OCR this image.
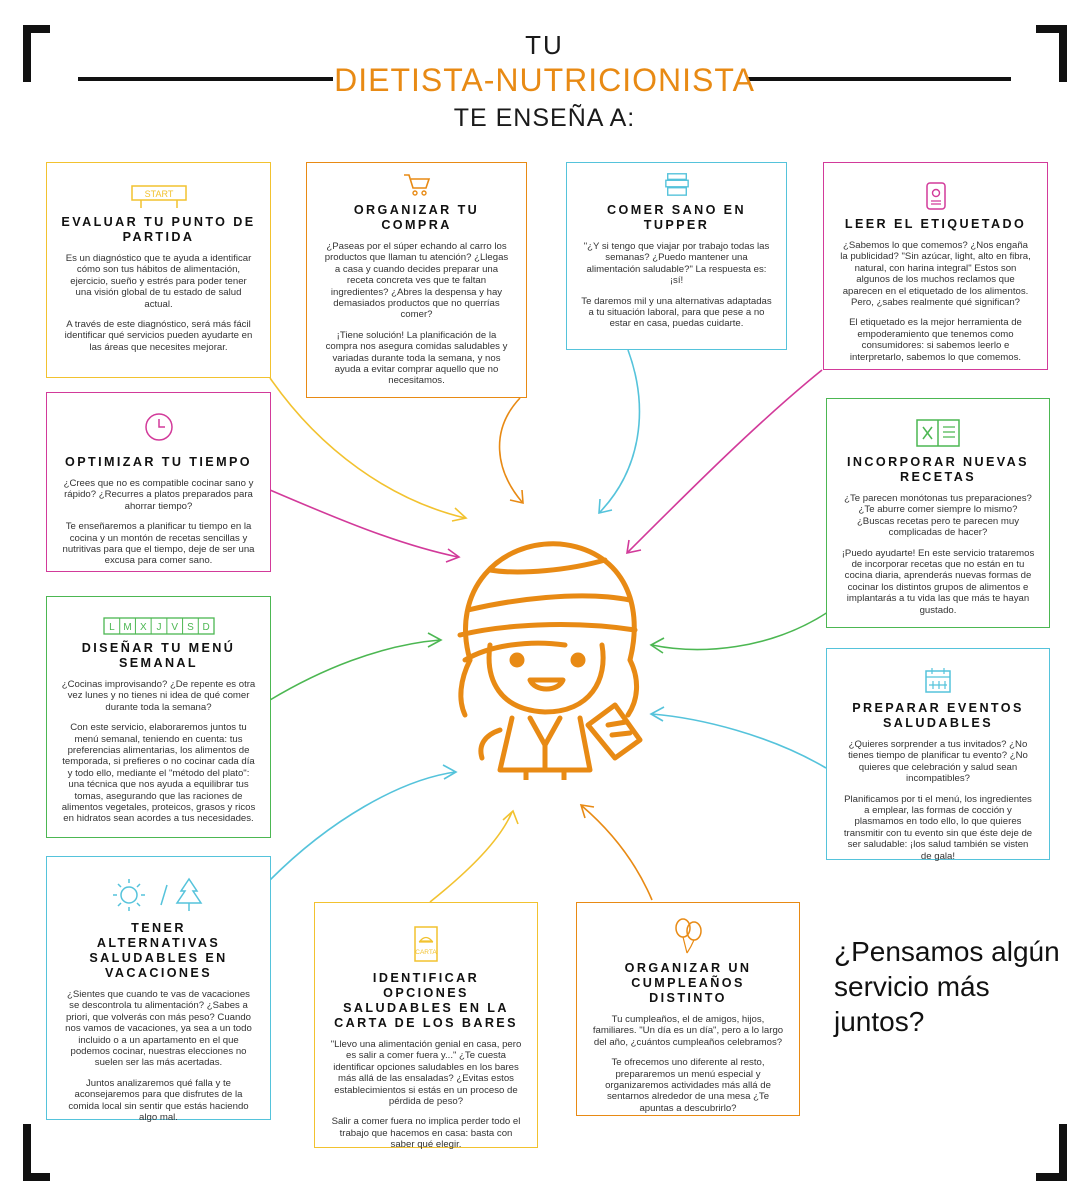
TU
DIETISTA-NUTRICIONISTA
TE ENSEÑA A:
START
EVALUAR TU PUNTO DE PARTIDA

Es un diagnóstico que te ayuda a identificar cómo son tus hábitos de alimentación, ejercicio, sueño y estrés para poder tener una visión global de tu estado de salud actual.

A través de este diagnóstico, será más fácil identificar qué servicios pueden ayudarte en las áreas que necesites mejorar.

ORGANIZAR TU COMPRA

¿Paseas por el súper echando al carro los productos que llaman tu atención? ¿Llegas a casa y cuando decides preparar una receta concreta ves que te faltan ingredientes? ¿Abres la despensa y hay demasiados productos que no querrías comer?

¡Tiene solución! La planificación de la compra nos asegura comidas saludables y variadas durante toda la semana, y nos ayuda a evitar comprar aquello que no necesitamos.

COMER SANO EN TUPPER

"¿Y si tengo que viajar por trabajo todas las semanas? ¿Puedo mantener una alimentación saludable?" La respuesta es: ¡sí!

Te daremos mil y una alternativas adaptadas a tu situación laboral, para que pese a no estar en casa, puedas cuidarte.

LEER EL ETIQUETADO

¿Sabemos lo que comemos? ¿Nos engaña la publicidad? "Sin azúcar, light, alto en fibra, natural, con harina integral" Estos son algunos de los muchos reclamos que aparecen en el etiquetado de los alimentos. Pero, ¿sabes realmente qué significan?

El etiquetado es la mejor herramienta de empoderamiento que tenemos como consumidores: si sabemos leerlo e interpretarlo, sabemos lo que comemos.

OPTIMIZAR TU TIEMPO

¿Crees que no es compatible cocinar sano y rápido? ¿Recurres a platos preparados para ahorrar tiempo?

Te enseñaremos a planificar tu tiempo en la cocina y un montón de recetas sencillas y nutritivas para que el tiempo, deje de ser una excusa para comer sano.

INCORPORAR NUEVAS RECETAS

¿Te parecen monótonas tus preparaciones? ¿Te aburre comer siempre lo mismo? ¿Buscas recetas pero te parecen muy complicadas de hacer?

¡Puedo ayudarte! En este servicio trataremos de incorporar recetas que no están en tu cocina diaria, aprenderás nuevas formas de cocinar los distintos grupos de alimentos e implantarás a tu vida las que más te hayan gustado.

L M X J V S D
DISEÑAR TU MENÚ SEMANAL

¿Cocinas improvisando? ¿De repente es otra vez lunes y no tienes ni idea de qué comer durante toda la semana?

Con este servicio, elaboraremos juntos tu menú semanal, teniendo en cuenta: tus preferencias alimentarias, los alimentos de temporada, si prefieres o no cocinar cada día y todo ello, mediante el "método del plato": una técnica que nos ayuda a equilibrar tus tomas, asegurando que las raciones de alimentos vegetales, proteicos, grasos y ricos en hidratos sean acordes a tus necesidades.

PREPARAR EVENTOS SALUDABLES

¿Quieres sorprender a tus invitados? ¿No tienes tiempo de planificar tu evento? ¿No quieres que celebración y salud sean incompatibles?

Planificamos por ti el menú, los ingredientes a emplear, las formas de cocción y plasmamos en todo ello, lo que quieres transmitir con tu evento sin que éste deje de ser saludable: ¡los salud también se visten de gala!

TENER ALTERNATIVAS SALUDABLES EN VACACIONES

¿Sientes que cuando te vas de vacaciones se descontrola tu alimentación? ¿Sabes a priori, que volverás con más peso? Cuando nos vamos de vacaciones, ya sea a un todo incluido o a un apartamento en el que podemos cocinar, nuestras elecciones no suelen ser las más acertadas.

Juntos analizaremos qué falla y te aconsejaremos para que disfrutes de la comida local sin sentir que estás haciendo algo mal.

CARTA
IDENTIFICAR OPCIONES SALUDABLES EN LA CARTA DE LOS BARES

"Llevo una alimentación genial en casa, pero es salir a comer fuera y..." ¿Te cuesta identificar opciones saludables en los bares más allá de las ensaladas? ¿Evitas estos establecimientos si estás en un proceso de pérdida de peso?

Salir a comer fuera no implica perder todo el trabajo que hacemos en casa: basta con saber qué elegir.

ORGANIZAR UN CUMPLEAÑOS DISTINTO

Tu cumpleaños, el de amigos, hijos, familiares. "Un día es un día", pero a lo largo del año, ¿cuántos cumpleaños celebramos?

Te ofrecemos uno diferente al resto, prepararemos un menú especial y organizaremos actividades más allá de sentarnos alrededor de una mesa ¿Te apuntas a descubrirlo?

¿Pensamos algún servicio más juntos?
